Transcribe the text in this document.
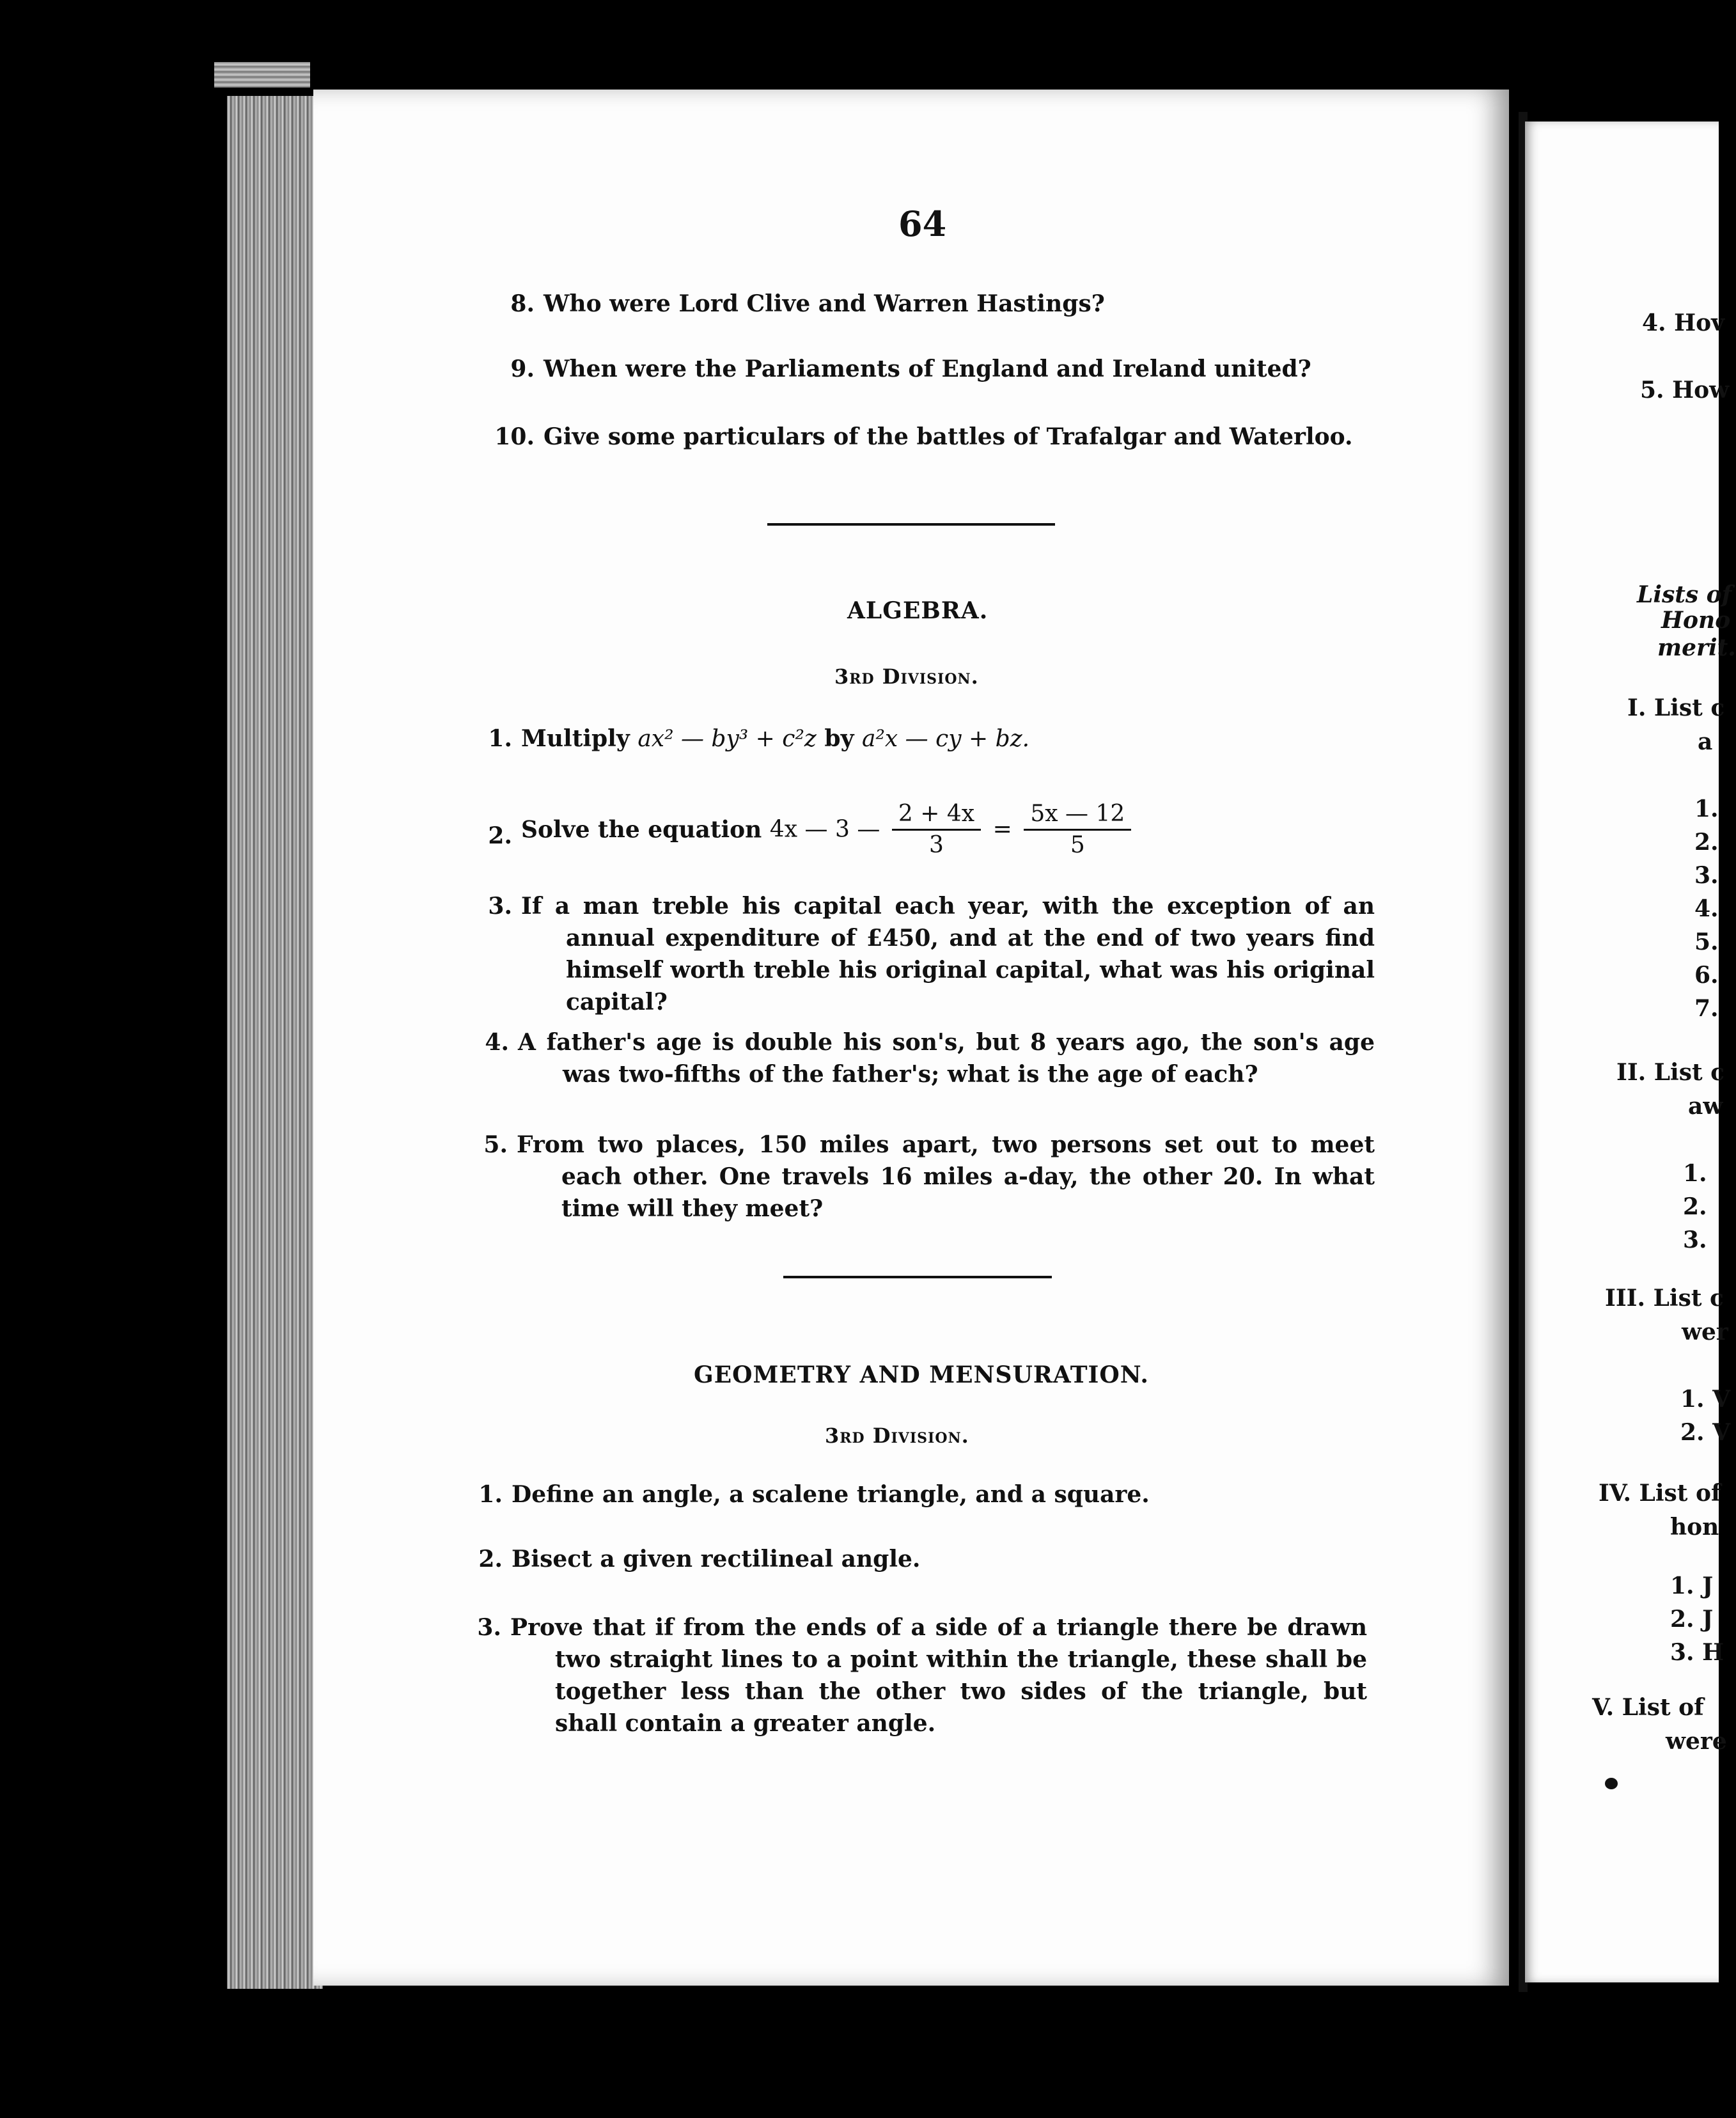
64
8. Who were Lord Clive and Warren Hastings?
9. When were the Parliaments of England and Ireland united?
10. Give some particulars of the battles of Trafalgar and Waterloo.
ALGEBRA.
3rd Division.
1. Multiply ax² — by³ + c²z by a²x — cy + bz.
2. Solve the equation 4x — 3 — $\frac{2 + 4x}{3} = \frac{5x — 12}{5}$
3. If a man treble his capital each year, with the exception of an annual expenditure of £450, and at the end of two years find himself worth treble his original capital, what was his original capital?
4. A father's age is double his son's, but 8 years ago, the son's age was two-fifths of the father's; what is the age of each?
5. From two places, 150 miles apart, two persons set out to meet each other. One travels 16 miles a-day, the other 20. In what time will they meet?
GEOMETRY AND MENSURATION.
3rd Division.
1. Define an angle, a scalene triangle, and a square.
2. Bisect a given rectilineal angle.
3. Prove that if from the ends of a side of a triangle there be drawn two straight lines to a point within the triangle, these shall be together less than the other two sides of the triangle, but shall contain a greater angle.
4. Hov
5. How
Lists of
Hono
merit.
I. List c
a
1.
2.
3.
4.
5.
6.
7.
II. List c
aw
1.
2.
3.
III. List c
wer
1. V
2. V
IV. List of
hon
1. J
2. J
3. H
V. List of
were
